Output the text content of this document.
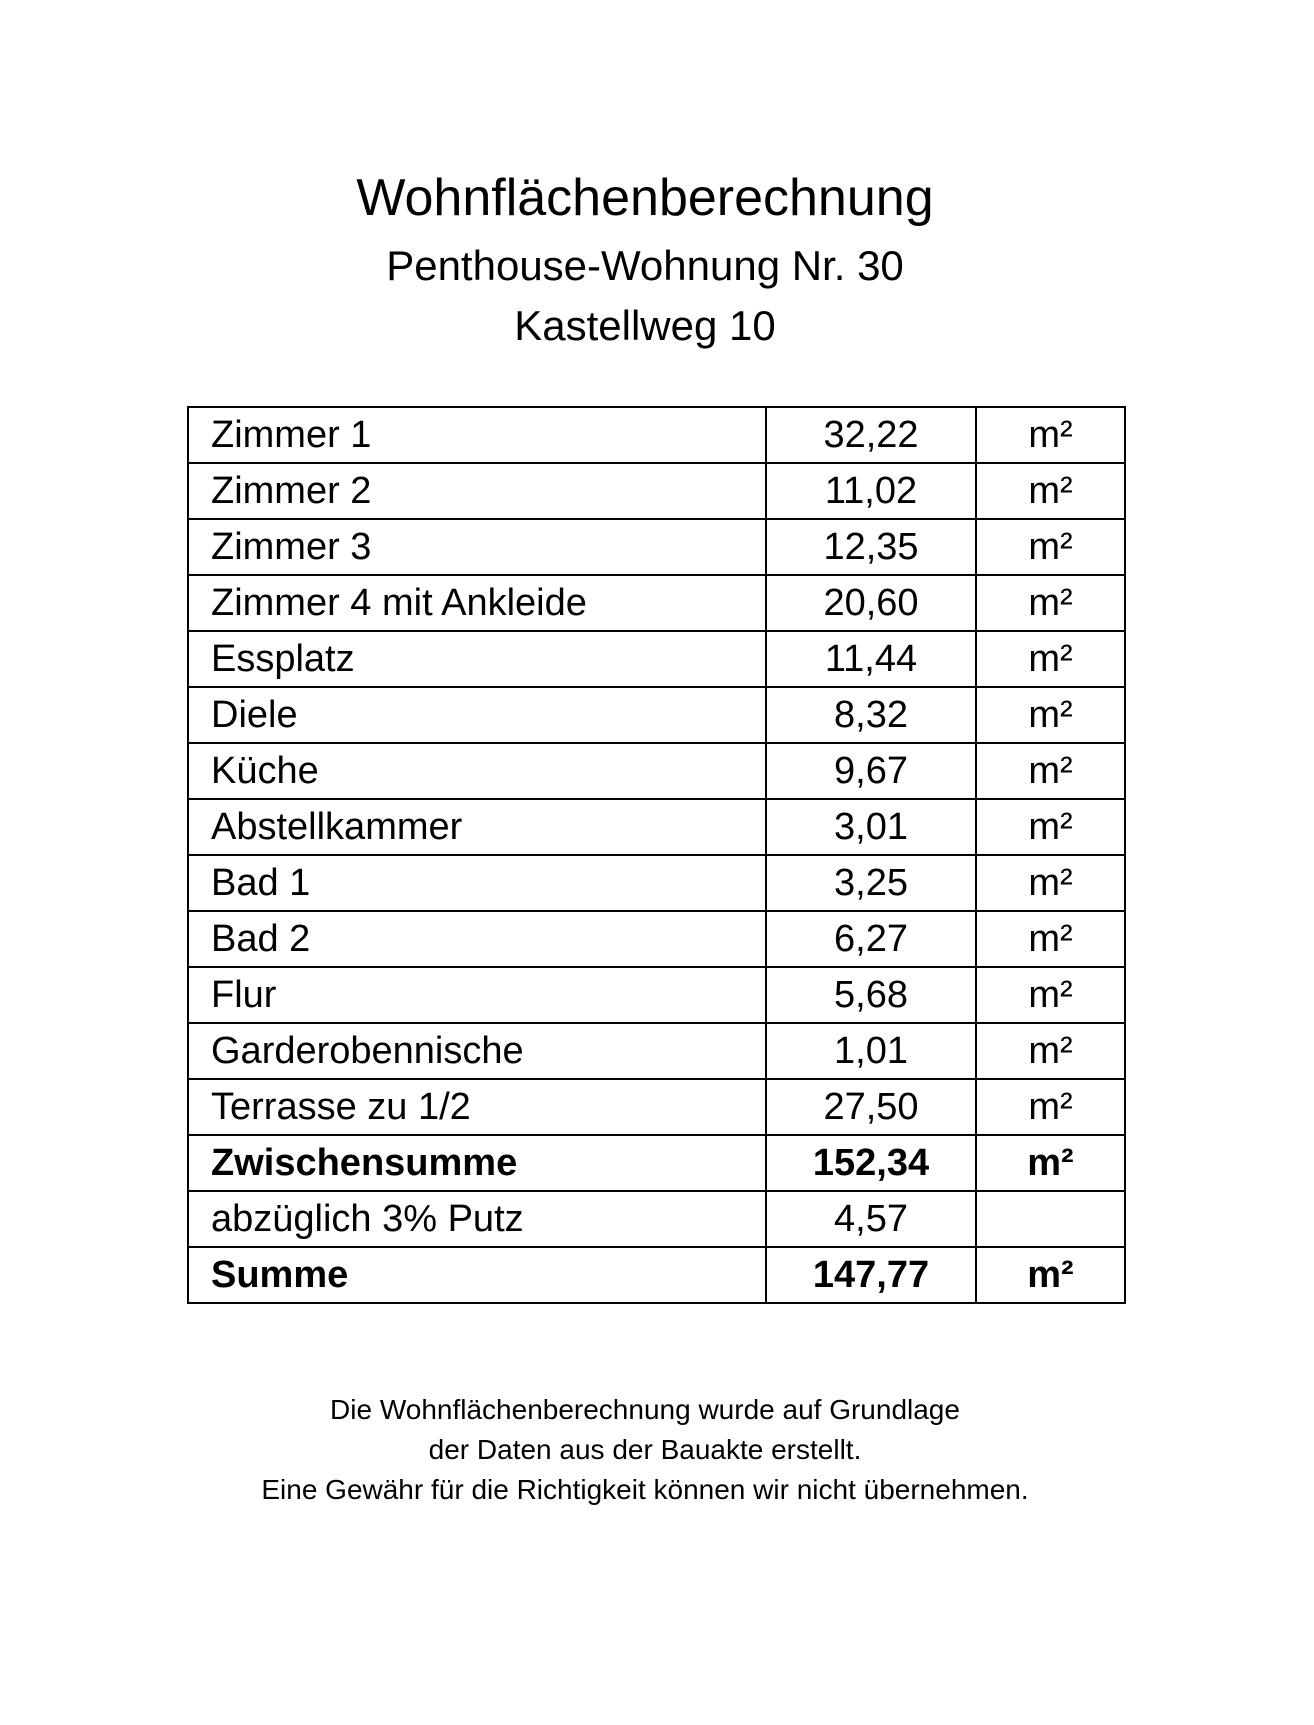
Wohnflächenberechnung
Penthouse-Wohnung Nr. 30
Kastellweg 10
Zimmer 1	32,22	m²
Zimmer 2	11,02	m²
Zimmer 3	12,35	m²
Zimmer 4 mit Ankleide	20,60	m²
Essplatz	11,44	m²
Diele	8,32	m²
Küche	9,67	m²
Abstellkammer	3,01	m²
Bad 1	3,25	m²
Bad 2	6,27	m²
Flur	5,68	m²
Garderobennische	1,01	m²
Terrasse zu 1/2	27,50	m²
Zwischensumme	152,34	m²
abzüglich 3% Putz	4,57	
Summe	147,77	m²

Die Wohnflächenberechnung wurde auf Grundlage

der Daten aus der Bauakte erstellt.

Eine Gewähr für die Richtigkeit können wir nicht übernehmen.
